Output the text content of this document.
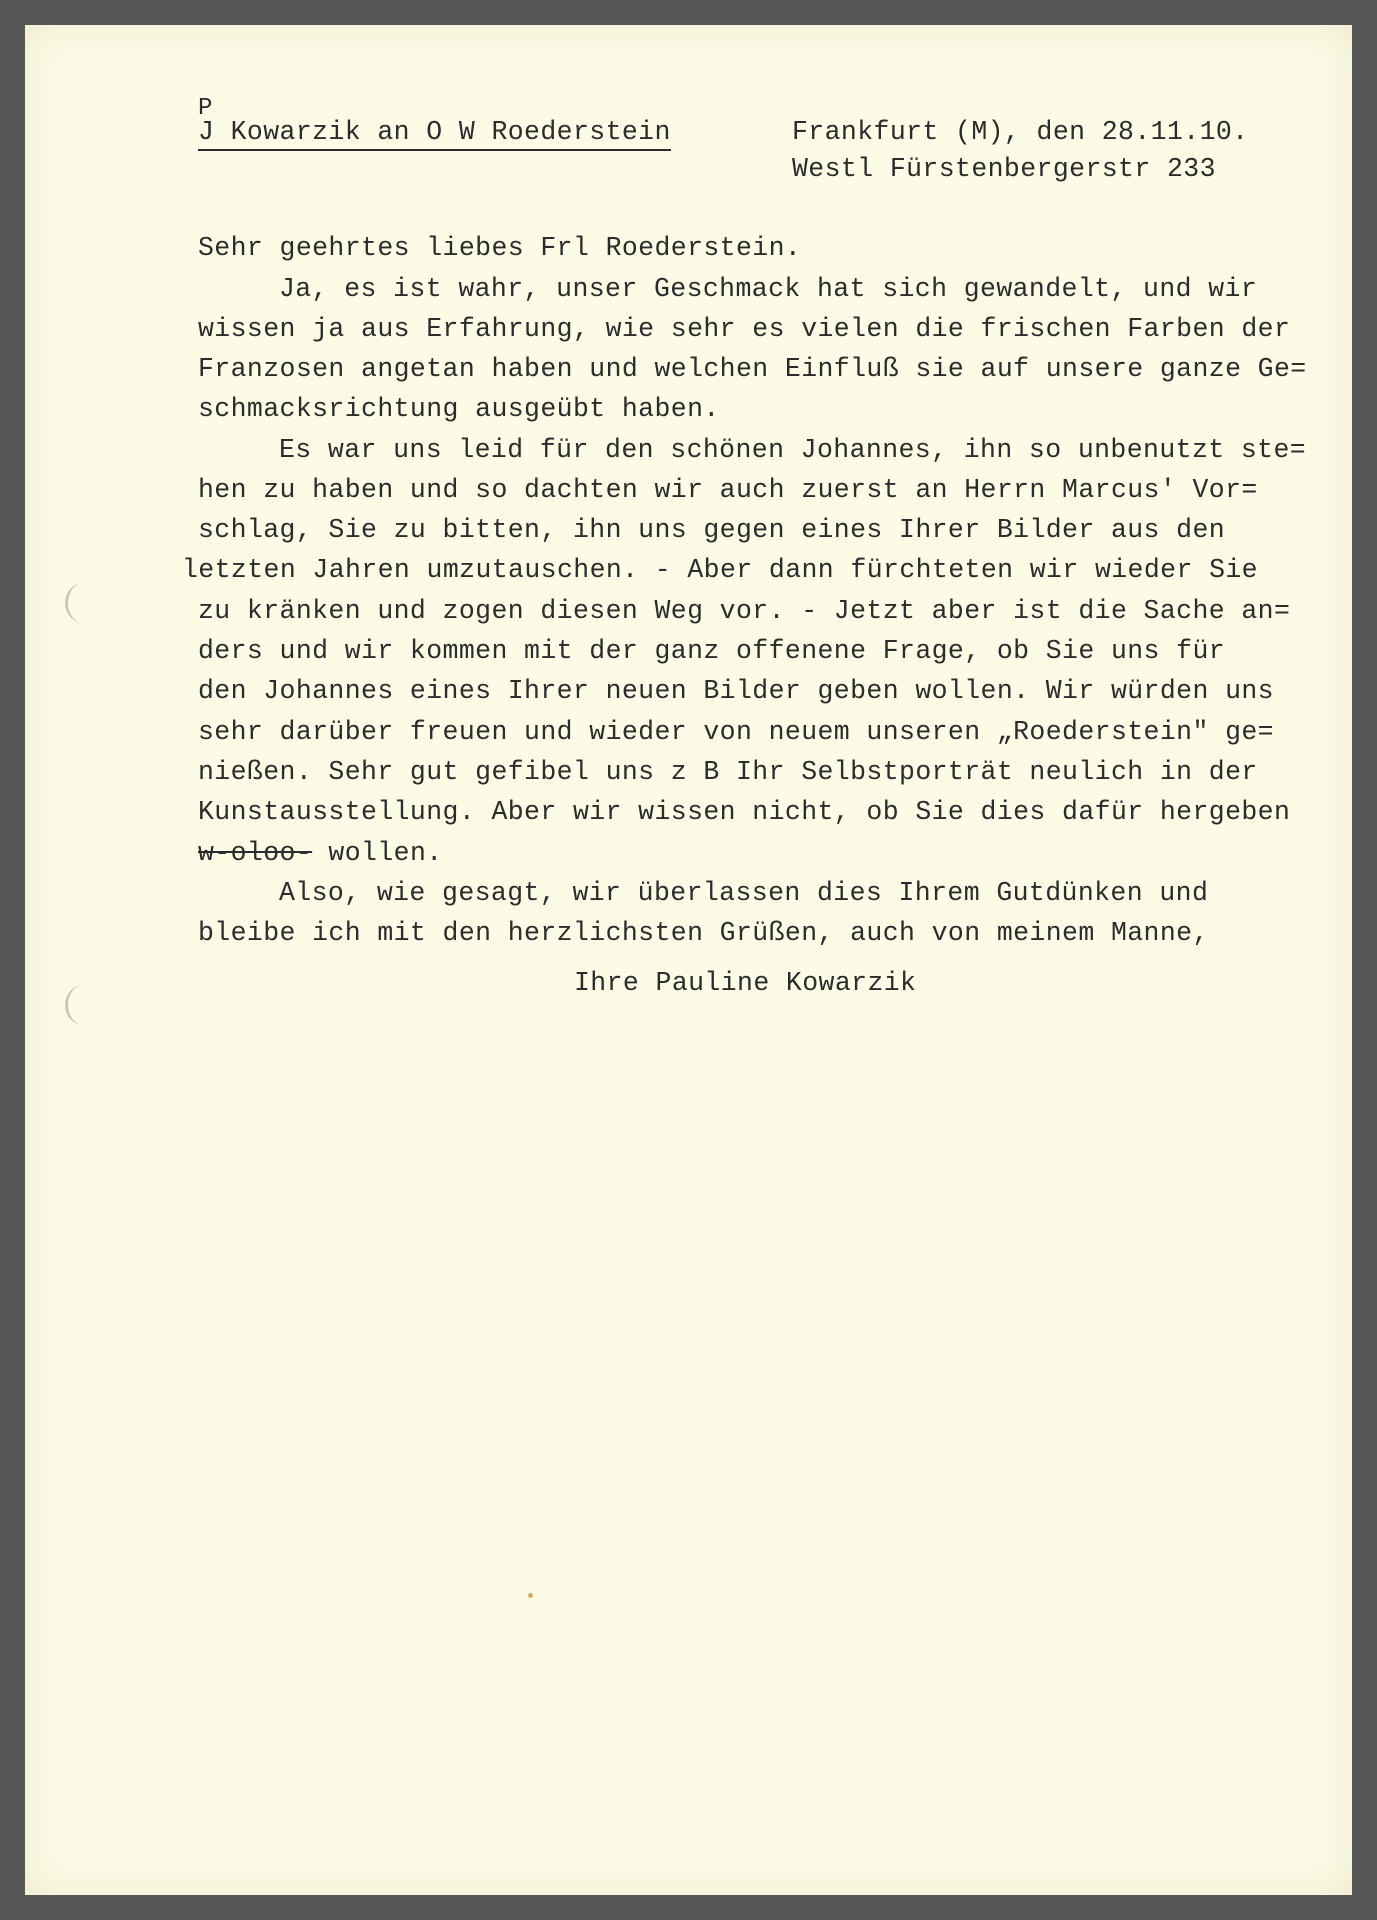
P
J Kowarzik an O W Roederstein	Frankfurt (M), den 28.11.10.
Westl Fürstenbergerstr 233
Sehr geehrtes liebes Frl Roederstein.
Ja, es ist wahr, unser Geschmack hat sich gewandelt, und wir
wissen ja aus Erfahrung, wie sehr es vielen die frischen Farben der
Franzosen angetan haben und welchen Einfluß sie auf unsere ganze Ge=
schmacksrichtung ausgeübt haben.
Es war uns leid für den schönen Johannes, ihn so unbenutzt ste=
hen zu haben und so dachten wir auch zuerst an Herrn Marcus' Vor=
schlag, Sie zu bitten, ihn uns gegen eines Ihrer Bilder aus den
letzten Jahren umzutauschen. - Aber dann fürchteten wir wieder Sie
zu kränken und zogen diesen Weg vor. - Jetzt aber ist die Sache an=
ders und wir kommen mit der ganz offenene Frage, ob Sie uns für
den Johannes eines Ihrer neuen Bilder geben wollen. Wir würden uns
sehr darüber freuen und wieder von neuem unseren „Roederstein" ge=
nießen. Sehr gut gefibel uns z B Ihr Selbstporträt neulich in der
Kunstausstellung. Aber wir wissen nicht, ob Sie dies dafür hergeben
w-oloo- wollen.
Also, wie gesagt, wir überlassen dies Ihrem Gutdünken und
bleibe ich mit den herzlichsten Grüßen, auch von meinem Manne,
Ihre Pauline Kowarzik
